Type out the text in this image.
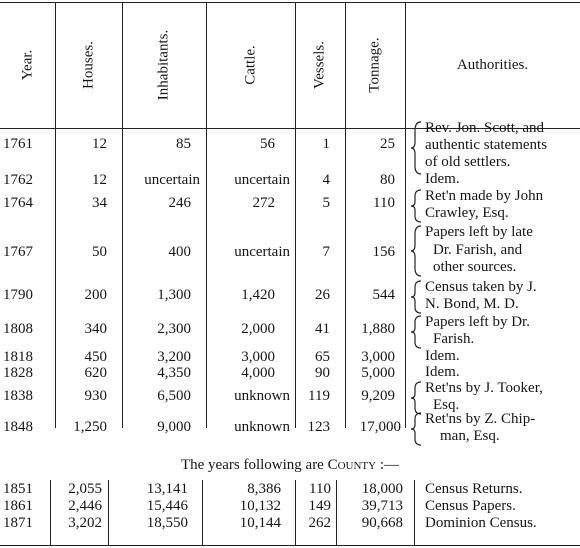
Year.	Houses.	Inhabitants.	Cattle.	Vessels.	Tonnage.	Authorities.
1761	12	85	56	1	25
Rev. Jon. Scott, and
authentic statements
of old settlers.
1762	12	uncertain	uncertain	4	80 Idem.
1764	34	246	272	5	110 Ret'n made by John
Crawley, Esq.
1767	50	400	uncertain	7	156
Papers left by late
Dr. Farish, and
other sources.
1790	200	1,300	1,420	26	544 Census taken by J.
N. Bond, M. D.
1808	340	2,300	2,000	41	1,880 Papers left by Dr.
Farish.
1818	450	3,200	3,000	65	3,000 Idem.
1828	620	4,350	4,000	90	5,000 Idem.
1838	930	6,500	unknown	119	9,209 Ret'ns by J. Tooker,
Esq.
1848	1,250	9,000	unknown	123	17,000 Ret'ns by Z. Chip-
man, Esq.
The years following are County :—
1851	2,055	13,141	8,386	110	18,000 Census Returns.
1861	2,446	15,446	10,132	149	39,713 Census Papers.
1871	3,202	18,550	10,144	262	90,668 Dominion Census.
